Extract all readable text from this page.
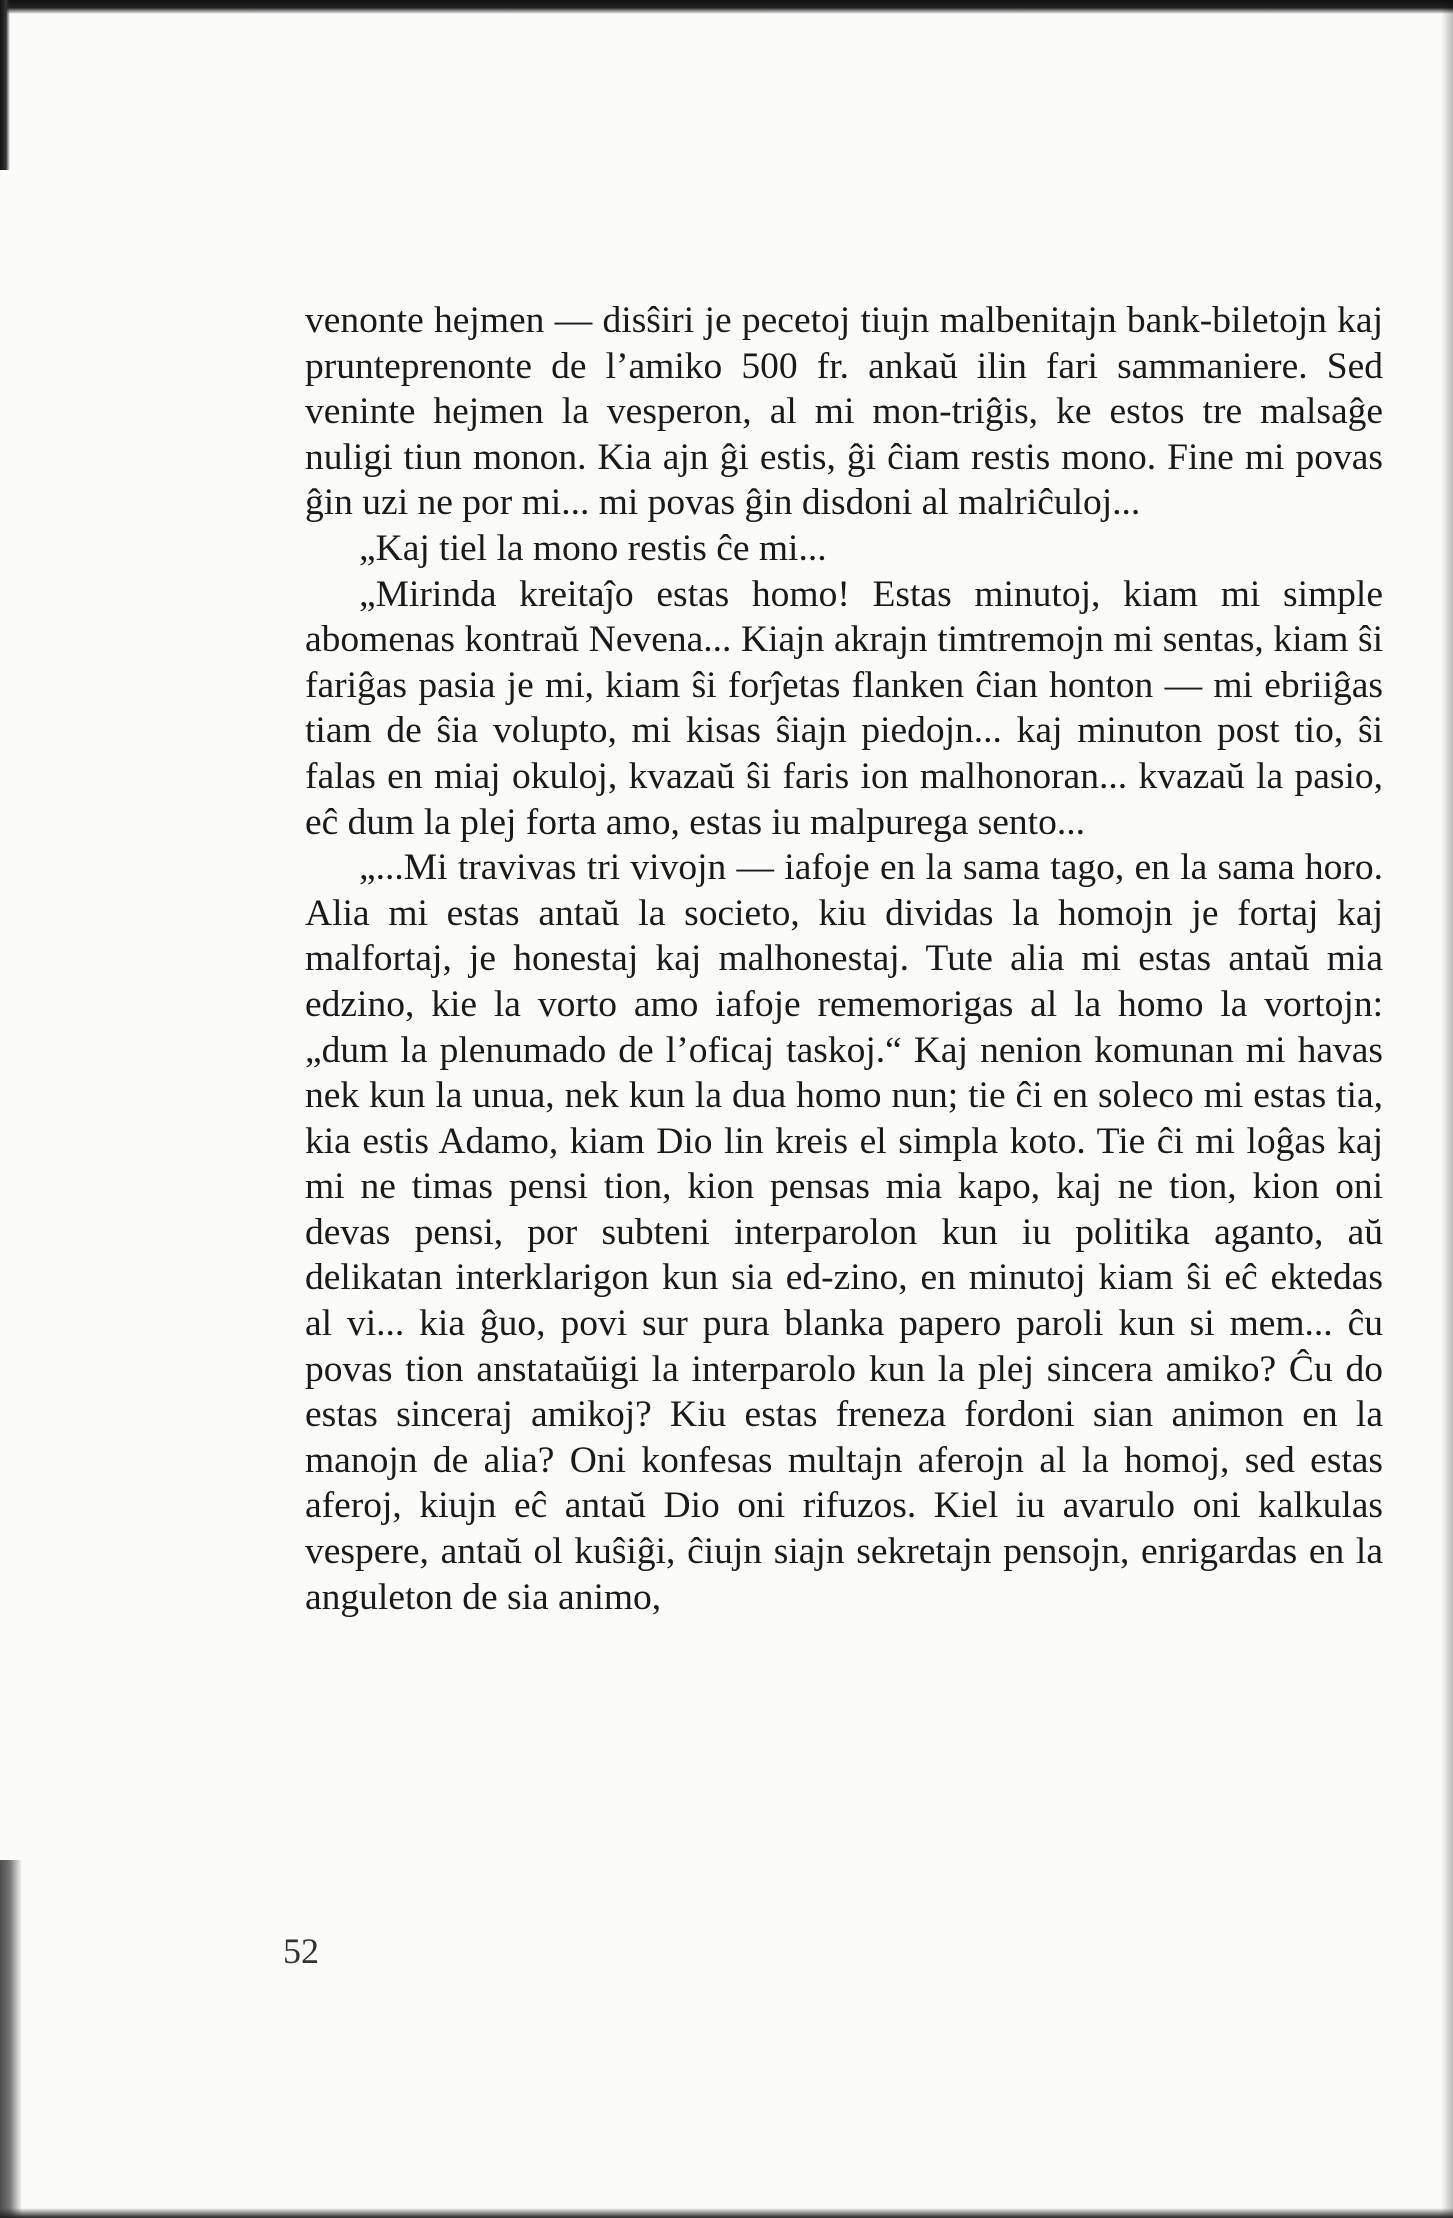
venonte hejmen — disŝiri je pecetoj tiujn malbenitajn bank-biletojn kaj prunteprenonte de l’amiko 500 fr. ankaŭ ilin fari sammaniere. Sed veninte hejmen la vesperon, al mi mon-triĝis, ke estos tre malsaĝe nuligi tiun monon. Kia ajn ĝi estis, ĝi ĉiam restis mono. Fine mi povas ĝin uzi ne por mi... mi povas ĝin disdoni al malriĉuloj...

„Kaj tiel la mono restis ĉe mi...

„Mirinda kreitaĵo estas homo! Estas minutoj, kiam mi simple abomenas kontraŭ Nevena... Kiajn akrajn timtremojn mi sentas, kiam ŝi fariĝas pasia je mi, kiam ŝi forĵetas flanken ĉian honton — mi ebriiĝas tiam de ŝia volupto, mi kisas ŝiajn piedojn... kaj minuton post tio, ŝi falas en miaj okuloj, kvazaŭ ŝi faris ion malhonoran... kvazaŭ la pasio, eĉ dum la plej forta amo, estas iu malpurega sento...

„...Mi travivas tri vivojn — iafoje en la sama tago, en la sama horo. Alia mi estas antaŭ la societo, kiu dividas la homojn je fortaj kaj malfortaj, je honestaj kaj malhonestaj. Tute alia mi estas antaŭ mia edzino, kie la vorto amo iafoje rememorigas al la homo la vortojn: „dum la plenumado de l’oficaj taskoj.“ Kaj nenion komunan mi havas nek kun la unua, nek kun la dua homo nun; tie ĉi en soleco mi estas tia, kia estis Adamo, kiam Dio lin kreis el simpla koto. Tie ĉi mi loĝas kaj mi ne timas pensi tion, kion pensas mia kapo, kaj ne tion, kion oni devas pensi, por subteni interparolon kun iu politika aganto, aŭ delikatan interklarigon kun sia ed-zino, en minutoj kiam ŝi eĉ ektedas al vi... kia ĝuo, povi sur pura blanka papero paroli kun si mem... ĉu povas tion anstataŭigi la interparolo kun la plej sincera amiko? Ĉu do estas sinceraj amikoj? Kiu estas freneza fordoni sian animon en la manojn de alia? Oni konfesas multajn aferojn al la homoj, sed estas aferoj, kiujn eĉ antaŭ Dio oni rifuzos. Kiel iu avarulo oni kalkulas vespere, antaŭ ol kuŝiĝi, ĉiujn siajn sekretajn pensojn, enrigardas en la anguleton de sia animo,

52
